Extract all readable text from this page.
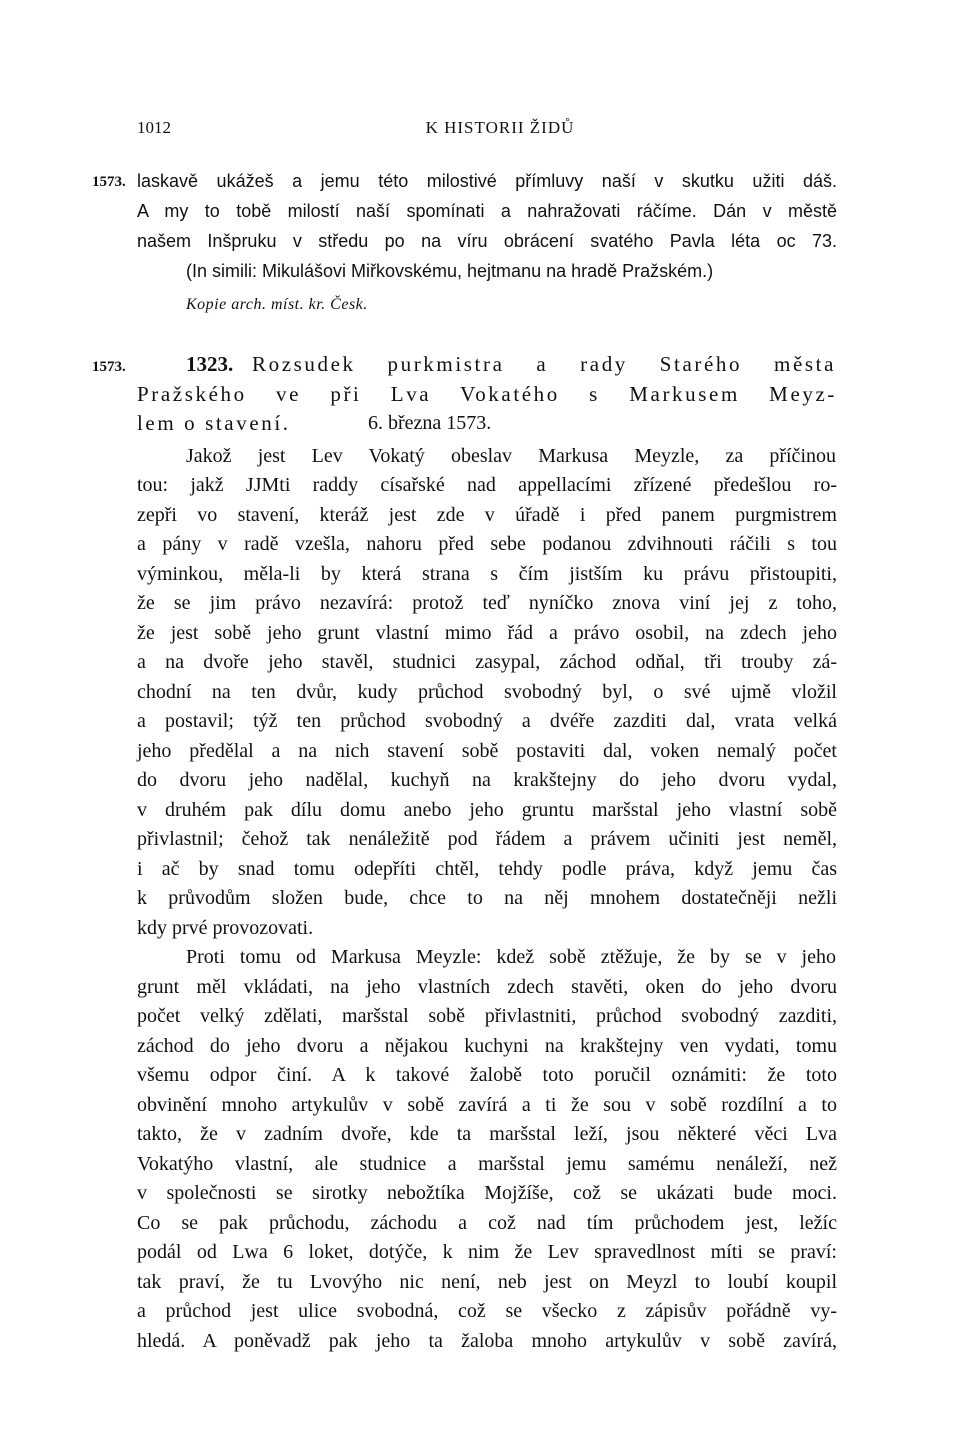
1012	K HISTORII ŽIDŮ
1573. laskavě ukážeš a jemu této milostivé přímluvy naší v skutku užiti dáš.
A my to tobě milostí naší spomínati a nahražovati ráčíme. Dán v městě
našem Inšpruku v středu po na víru obrácení svatého Pavla léta oc 73.
(In simili: Mikulášovi Miřkovskému, hejtmanu na hradě Pražském.)
Kopie arch. míst. kr. Česk.
1573.	1323. Rozsudek purkmistra a rady Starého města
Pražského ve při Lva Vokatého s Markusem Meyz-
lem o stavení.	6. března 1573.
Jakož jest Lev Vokatý obeslav Markusa Meyzle, za příčinou
tou: jakž JJMti raddy císařské nad appellacími zřízené předešlou ro-
zepři vo stavení, kteráž jest zde v úřadě i před panem purgmistrem
a pány v radě vzešla, nahoru před sebe podanou zdvihnouti ráčili s tou
výminkou, měla-li by která strana s čím jistším ku právu přistoupiti,
že se jim právo nezavírá: protož teď nyníčko znova viní jej z toho,
že jest sobě jeho grunt vlastní mimo řád a právo osobil, na zdech jeho
a na dvoře jeho stavěl, studnici zasypal, záchod odňal, tři trouby zá-
chodní na ten dvůr, kudy průchod svobodný byl, o své ujmě vložil
a postavil; týž ten průchod svobodný a dvéře zazditi dal, vrata velká
jeho předělal a na nich stavení sobě postaviti dal, voken nemalý počet
do dvoru jeho nadělal, kuchyň na krakštejny do jeho dvoru vydal,
v druhém pak dílu domu anebo jeho gruntu maršstal jeho vlastní sobě
přivlastnil; čehož tak nenáležitě pod řádem a právem učiniti jest neměl,
i ač by snad tomu odepříti chtěl, tehdy podle práva, když jemu čas
k průvodům složen bude, chce to na něj mnohem dostatečněji nežli
kdy prvé provozovati.
Proti tomu od Markusa Meyzle: kdež sobě ztěžuje, že by se v jeho
grunt měl vkládati, na jeho vlastních zdech stavěti, oken do jeho dvoru
počet velký zdělati, maršstal sobě přivlastniti, průchod svobodný zazditi,
záchod do jeho dvoru a nějakou kuchyni na krakštejny ven vydati, tomu
všemu odpor činí. A k takové žalobě toto poručil oznámiti: že toto
obvinění mnoho artykulův v sobě zavírá a ti že sou v sobě rozdílní a to
takto, že v zadním dvoře, kde ta maršstal leží, jsou některé věci Lva
Vokatýho vlastní, ale studnice a maršstal jemu samému nenáleží, než
v společnosti se sirotky nebožtíka Mojžíše, což se ukázati bude moci.
Co se pak průchodu, záchodu a což nad tím průchodem jest, ležíc
podál od Lwa 6 loket, dotýče, k nim že Lev spravedlnost míti se praví:
tak praví, že tu Lvovýho nic není, neb jest on Meyzl to loubí koupil
a průchod jest ulice svobodná, což se všecko z zápisův pořádně vy-
hledá. A poněvadž pak jeho ta žaloba mnoho artykulův v sobě zavírá,
